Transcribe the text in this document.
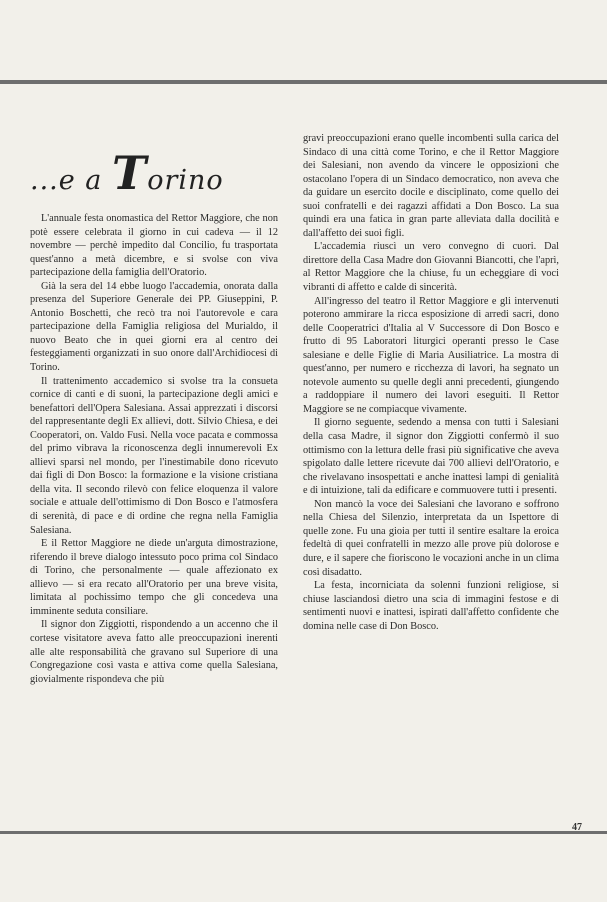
...e a Torino

L'annuale festa onomastica del Rettor Maggiore, che non potè essere celebrata il giorno in cui cadeva — il 12 novembre — perchè impedito dal Concilio, fu trasportata quest'anno a metà dicembre, e si svolse con viva partecipazione della famiglia dell'Oratorio.

Già la sera del 14 ebbe luogo l'accademia, onorata dalla presenza del Superiore Generale dei PP. Giuseppini, P. Antonio Boschetti, che recò tra noi l'autorevole e cara partecipazione della Famiglia religiosa del Murialdo, il nuovo Beato che in quei giorni era al centro dei festeggiamenti organizzati in suo onore dall'Archidiocesi di Torino.

Il trattenimento accademico si svolse tra la consueta cornice di canti e di suoni, la partecipazione degli amici e benefattori dell'Opera Salesiana. Assai apprezzati i discorsi del rappresentante degli Ex allievi, dott. Silvio Chiesa, e dei Cooperatori, on. Valdo Fusi. Nella voce pacata e commossa del primo vibrava la riconoscenza degli innumerevoli Ex allievi sparsi nel mondo, per l'inestimabile dono ricevuto dai figli di Don Bosco: la formazione e la visione cristiana della vita. Il secondo rilevò con felice eloquenza il valore sociale e attuale dell'ottimismo di Don Bosco e l'atmosfera di serenità, di pace e di ordine che regna nella Famiglia Salesiana.

E il Rettor Maggiore ne diede un'arguta dimostrazione, riferendo il breve dialogo intessuto poco prima col Sindaco di Torino, che personalmente — quale affezionato ex allievo — si era recato all'Oratorio per una breve visita, limitata al pochissimo tempo che gli concedeva una imminente seduta consiliare.

Il signor don Ziggiotti, rispondendo a un accenno che il cortese visitatore aveva fatto alle preoccupazioni inerenti alle alte responsabilità che gravano sul Superiore di una Congregazione così vasta e attiva come quella Salesiana, giovialmente rispondeva che più

gravi preoccupazioni erano quelle incombenti sulla carica del Sindaco di una città come Torino, e che il Rettor Maggiore dei Salesiani, non avendo da vincere le opposizioni che ostacolano l'opera di un Sindaco democratico, non aveva che da guidare un esercito docile e disciplinato, come quello dei suoi confratelli e dei ragazzi affidati a Don Bosco. La sua quindi era una fatica in gran parte alleviata dalla docilità e dall'affetto dei suoi figli.

L'accademia riuscì un vero convegno di cuori. Dal direttore della Casa Madre don Giovanni Biancotti, che l'aprì, al Rettor Maggiore che la chiuse, fu un echeggiare di voci vibranti di affetto e calde di sincerità.

All'ingresso del teatro il Rettor Maggiore e gli intervenuti poterono ammirare la ricca esposizione di arredi sacri, dono delle Cooperatrici d'Italia al V Successore di Don Bosco e frutto di 95 Laboratori liturgici operanti presso le Case salesiane e delle Figlie di Maria Ausiliatrice. La mostra di quest'anno, per numero e ricchezza di lavori, ha segnato un notevole aumento su quelle degli anni precedenti, giungendo a raddoppiare il numero dei lavori eseguiti. Il Rettor Maggiore se ne compiacque vivamente.

Il giorno seguente, sedendo a mensa con tutti i Salesiani della casa Madre, il signor don Ziggiotti confermò il suo ottimismo con la lettura delle frasi più significative che aveva spigolato dalle lettere ricevute dai 700 allievi dell'Oratorio, e che rivelavano insospettati e anche inattesi lampi di genialità e di intuizione, tali da edificare e commuovere tutti i presenti.

Non mancò la voce dei Salesiani che lavorano e soffrono nella Chiesa del Silenzio, interpretata da un Ispettore di quelle zone. Fu una gioia per tutti il sentire esaltare la eroica fedeltà di quei confratelli in mezzo alle prove più dolorose e dure, e il sapere che fioriscono le vocazioni anche in un clima così disadatto.

La festa, incorniciata da solenni funzioni religiose, si chiuse lasciandosi dietro una scia di immagini festose e di sentimenti nuovi e inattesi, ispirati dall'affetto confidente che domina nelle case di Don Bosco.

47
